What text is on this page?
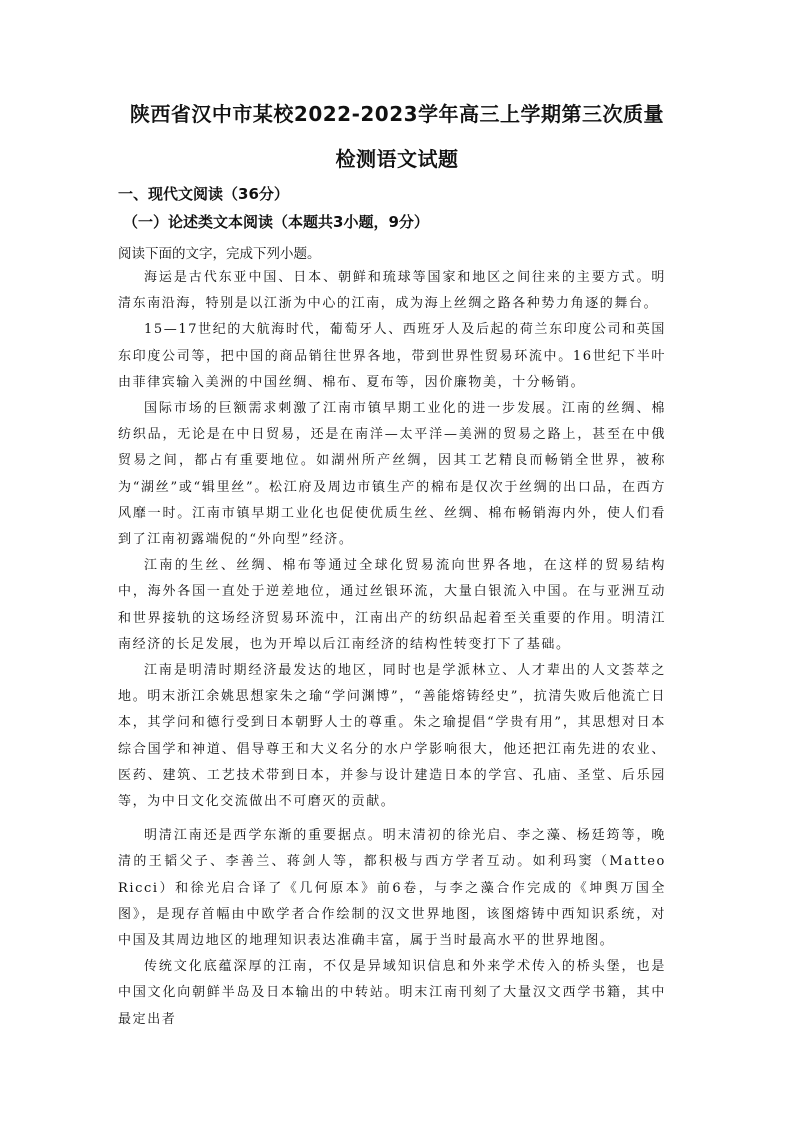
陕西省汉中市某校2022-2023学年高三上学期第三次质量
检测语文试题
一、现代文阅读（36分）
（一）论述类文本阅读（本题共3小题，9分）
阅读下面的文字，完成下列小题。

海运是古代东亚中国、日本、朝鲜和琉球等国家和地区之间往来的主要方式。明清东南沿海，特别是以江浙为中心的江南，成为海上丝绸之路各种势力角逐的舞台。

15—17世纪的大航海时代，葡萄牙人、西班牙人及后起的荷兰东印度公司和英国东印度公司等，把中国的商品销往世界各地，带到世界性贸易环流中。16世纪下半叶由菲律宾输入美洲的中国丝绸、棉布、夏布等，因价廉物美，十分畅销。

国际市场的巨额需求刺激了江南市镇早期工业化的进一步发展。江南的丝绸、棉纺织品，无论是在中日贸易，还是在南洋—太平洋—美洲的贸易之路上，甚至在中俄贸易之间，都占有重要地位。如湖州所产丝绸，因其工艺精良而畅销全世界，被称为“湖丝”或“辑里丝”。松江府及周边市镇生产的棉布是仅次于丝绸的出口品，在西方风靡一时。江南市镇早期工业化也促使优质生丝、丝绸、棉布畅销海内外，使人们看到了江南初露端倪的“外向型”经济。

江南的生丝、丝绸、棉布等通过全球化贸易流向世界各地，在这样的贸易结构中，海外各国一直处于逆差地位，通过丝银环流，大量白银流入中国。在与亚洲互动和世界接轨的这场经济贸易环流中，江南出产的纺织品起着至关重要的作用。明清江南经济的长足发展，也为开埠以后江南经济的结构性转变打下了基础。

江南是明清时期经济最发达的地区，同时也是学派林立、人才辈出的人文荟萃之地。明末浙江余姚思想家朱之瑜“学问渊博”，“善能熔铸经史”，抗清失败后他流亡日本，其学问和德行受到日本朝野人士的尊重。朱之瑜提倡“学贵有用”，其思想对日本综合国学和神道、倡导尊王和大义名分的水户学影响很大，他还把江南先进的农业、医药、建筑、工艺技术带到日本，并参与设计建造日本的学宫、孔庙、圣堂、后乐园等，为中日文化交流做出不可磨灭的贡献。

明清江南还是西学东渐的重要据点。明末清初的徐光启、李之藻、杨廷筠等，晚清的王韬父子、李善兰、蒋剑人等，都积极与西方学者互动。如利玛窦（Matteo Ricci）和徐光启合译了《几何原本》前6卷，与李之藻合作完成的《坤舆万国全图》，是现存首幅由中欧学者合作绘制的汉文世界地图，该图熔铸中西知识系统，对中国及其周边地区的地理知识表达准确丰富，属于当时最高水平的世界地图。

传统文化底蕴深厚的江南，不仅是异域知识信息和外来学术传入的桥头堡，也是中国文化向朝鲜半岛及日本输出的中转站。明末江南刊刻了大量汉文西学书籍，其中最定出者
